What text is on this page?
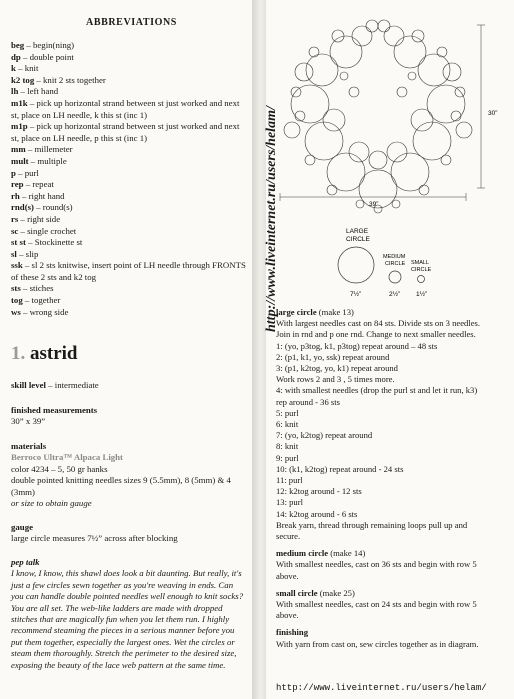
ABBREVIATIONS
beg – begin(ning)
dp – double point
k – knit
k2 tog – knit 2 sts together
lh – left hand
m1k – pick up horizontal strand between st just worked and next st, place on LH needle, k this st (inc 1)
m1p – pick up horizontal strand between st just worked and next st, place on LH needle, p this st (inc 1)
mm – millemeter
mult – multiple
p – purl
rep – repeat
rh – right hand
rnd(s) – round(s)
rs – right side
sc – single crochet
st st – Stockinette st
sl – slip
ssk – sl 2 sts knitwise, insert point of LH needle through FRONTS of these 2 sts and k2 tog
sts – stiches
tog – together
ws – wrong side
1. astrid
skill level – intermediate
finished measurements
30” x 39”
materials
Berroco Ultra™ Alpaca Light
color 4234 – 5, 50 gr hanks
double pointed knitting needles sizes 9 (5.5mm), 8 (5mm) & 4 (3mm)
or size to obtain gauge
gauge
large circle measures 7½” across after blocking
pep talk
I know, I know, this shawl does look a bit daunting. But really, it's just a few circles sewn together as you're weaving in ends. Can you can handle double pointed needles well enough to knit socks? You are all set. The web-like ladders are made with dropped stitches that are magically fun when you let them run. I highly recommend steaming the pieces in a serious manner before you put them together, especially the largest ones. Wet the circles or steam them thoroughly. Stretch the perimeter to the desired size, exposing the beauty of the lace web pattern at the same time.
http://www.liveinternet.ru/users/helam/	30”
39”
LARGE
CIRCLE
7½”
MEDIUM
CIRCLE
2½”
SMALL
CIRCLE
1½”
large circle (make 13)
With largest needles cast on 84 sts. Divide sts on 3 needles.
Join in rnd and p one rnd. Change to next smaller needles.
1: (yo, p3tog, k1, p3tog) repeat around – 48 sts
2: (p1, k1, yo, ssk) repeat around
3: (p1, k2tog, yo, k1) repeat around
Work rows 2 and 3 , 5 times more.
4: with smallest needles (drop the purl st and let it run, k3)
rep around - 36 sts
5: purl
6: knit
7: (yo, k2tog) repeat around
8: knit
9: purl
10: (k1, k2tog) repeat around - 24 sts
11: purl
12: k2tog around - 12 sts
13: purl
14: k2tog around - 6 sts
Break yarn, thread through remaining loops pull up and
secure.
medium circle (make 14)
With smallest needles, cast on 36 sts and begin with row 5
above.
small circle (make 25)
With smallest needles, cast on 24 sts and begin with row 5
above.
finishing
With yarn from cast on, sew circles together as in diagram.
http://www.liveinternet.ru/users/helam/
